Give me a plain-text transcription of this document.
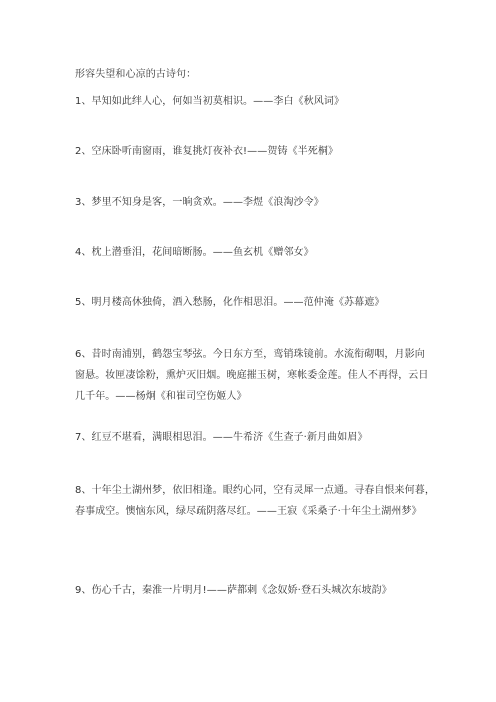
形容失望和心凉的古诗句：
1、早知如此绊人心，何如当初莫相识。——李白《秋风词》
2、空床卧听南窗雨，谁复挑灯夜补衣!——贺铸《半死桐》
3、梦里不知身是客，一晌贪欢。——李煜《浪淘沙令》
4、枕上潜垂泪，花间暗断肠。——鱼玄机《赠邻女》
5、明月楼高休独倚，酒入愁肠，化作相思泪。——范仲淹《苏幕遮》
6、昔时南浦别，鹤怨宝琴弦。今日东方至，鸾销珠镜前。水流衔砌咽，月影向
窗悬。妆匣凄馀粉，熏炉灭旧烟。晚庭摧玉树，寒帐委金莲。佳人不再得，云日
几千年。——杨炯《和崔司空伤姬人》
7、红豆不堪看，满眼相思泪。——牛希济《生查子·新月曲如眉》
8、十年尘土湖州梦，依旧相逢。眼约心同，空有灵犀一点通。寻春自恨来何暮，
春事成空。懊恼东风，绿尽疏阴落尽红。——王寂《采桑子·十年尘土湖州梦》
9、伤心千古，秦淮一片明月!——萨都剌《念奴娇·登石头城次东坡韵》
